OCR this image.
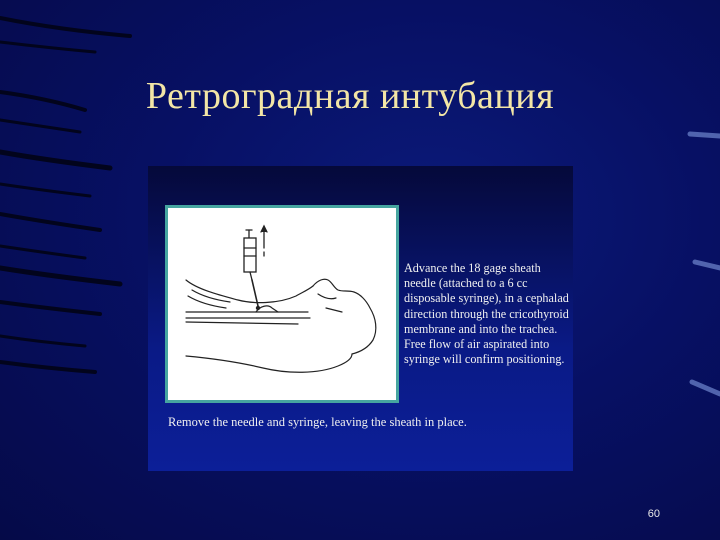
Ретроградная интубация
Advance the 18 gage sheath needle (attached to a 6 cc disposable syringe), in a cephalad direction through the cricothyroid membrane and into the trachea. Free flow of air aspirated into syringe will confirm positioning.
Remove the needle and syringe, leaving the sheath in place.
60
